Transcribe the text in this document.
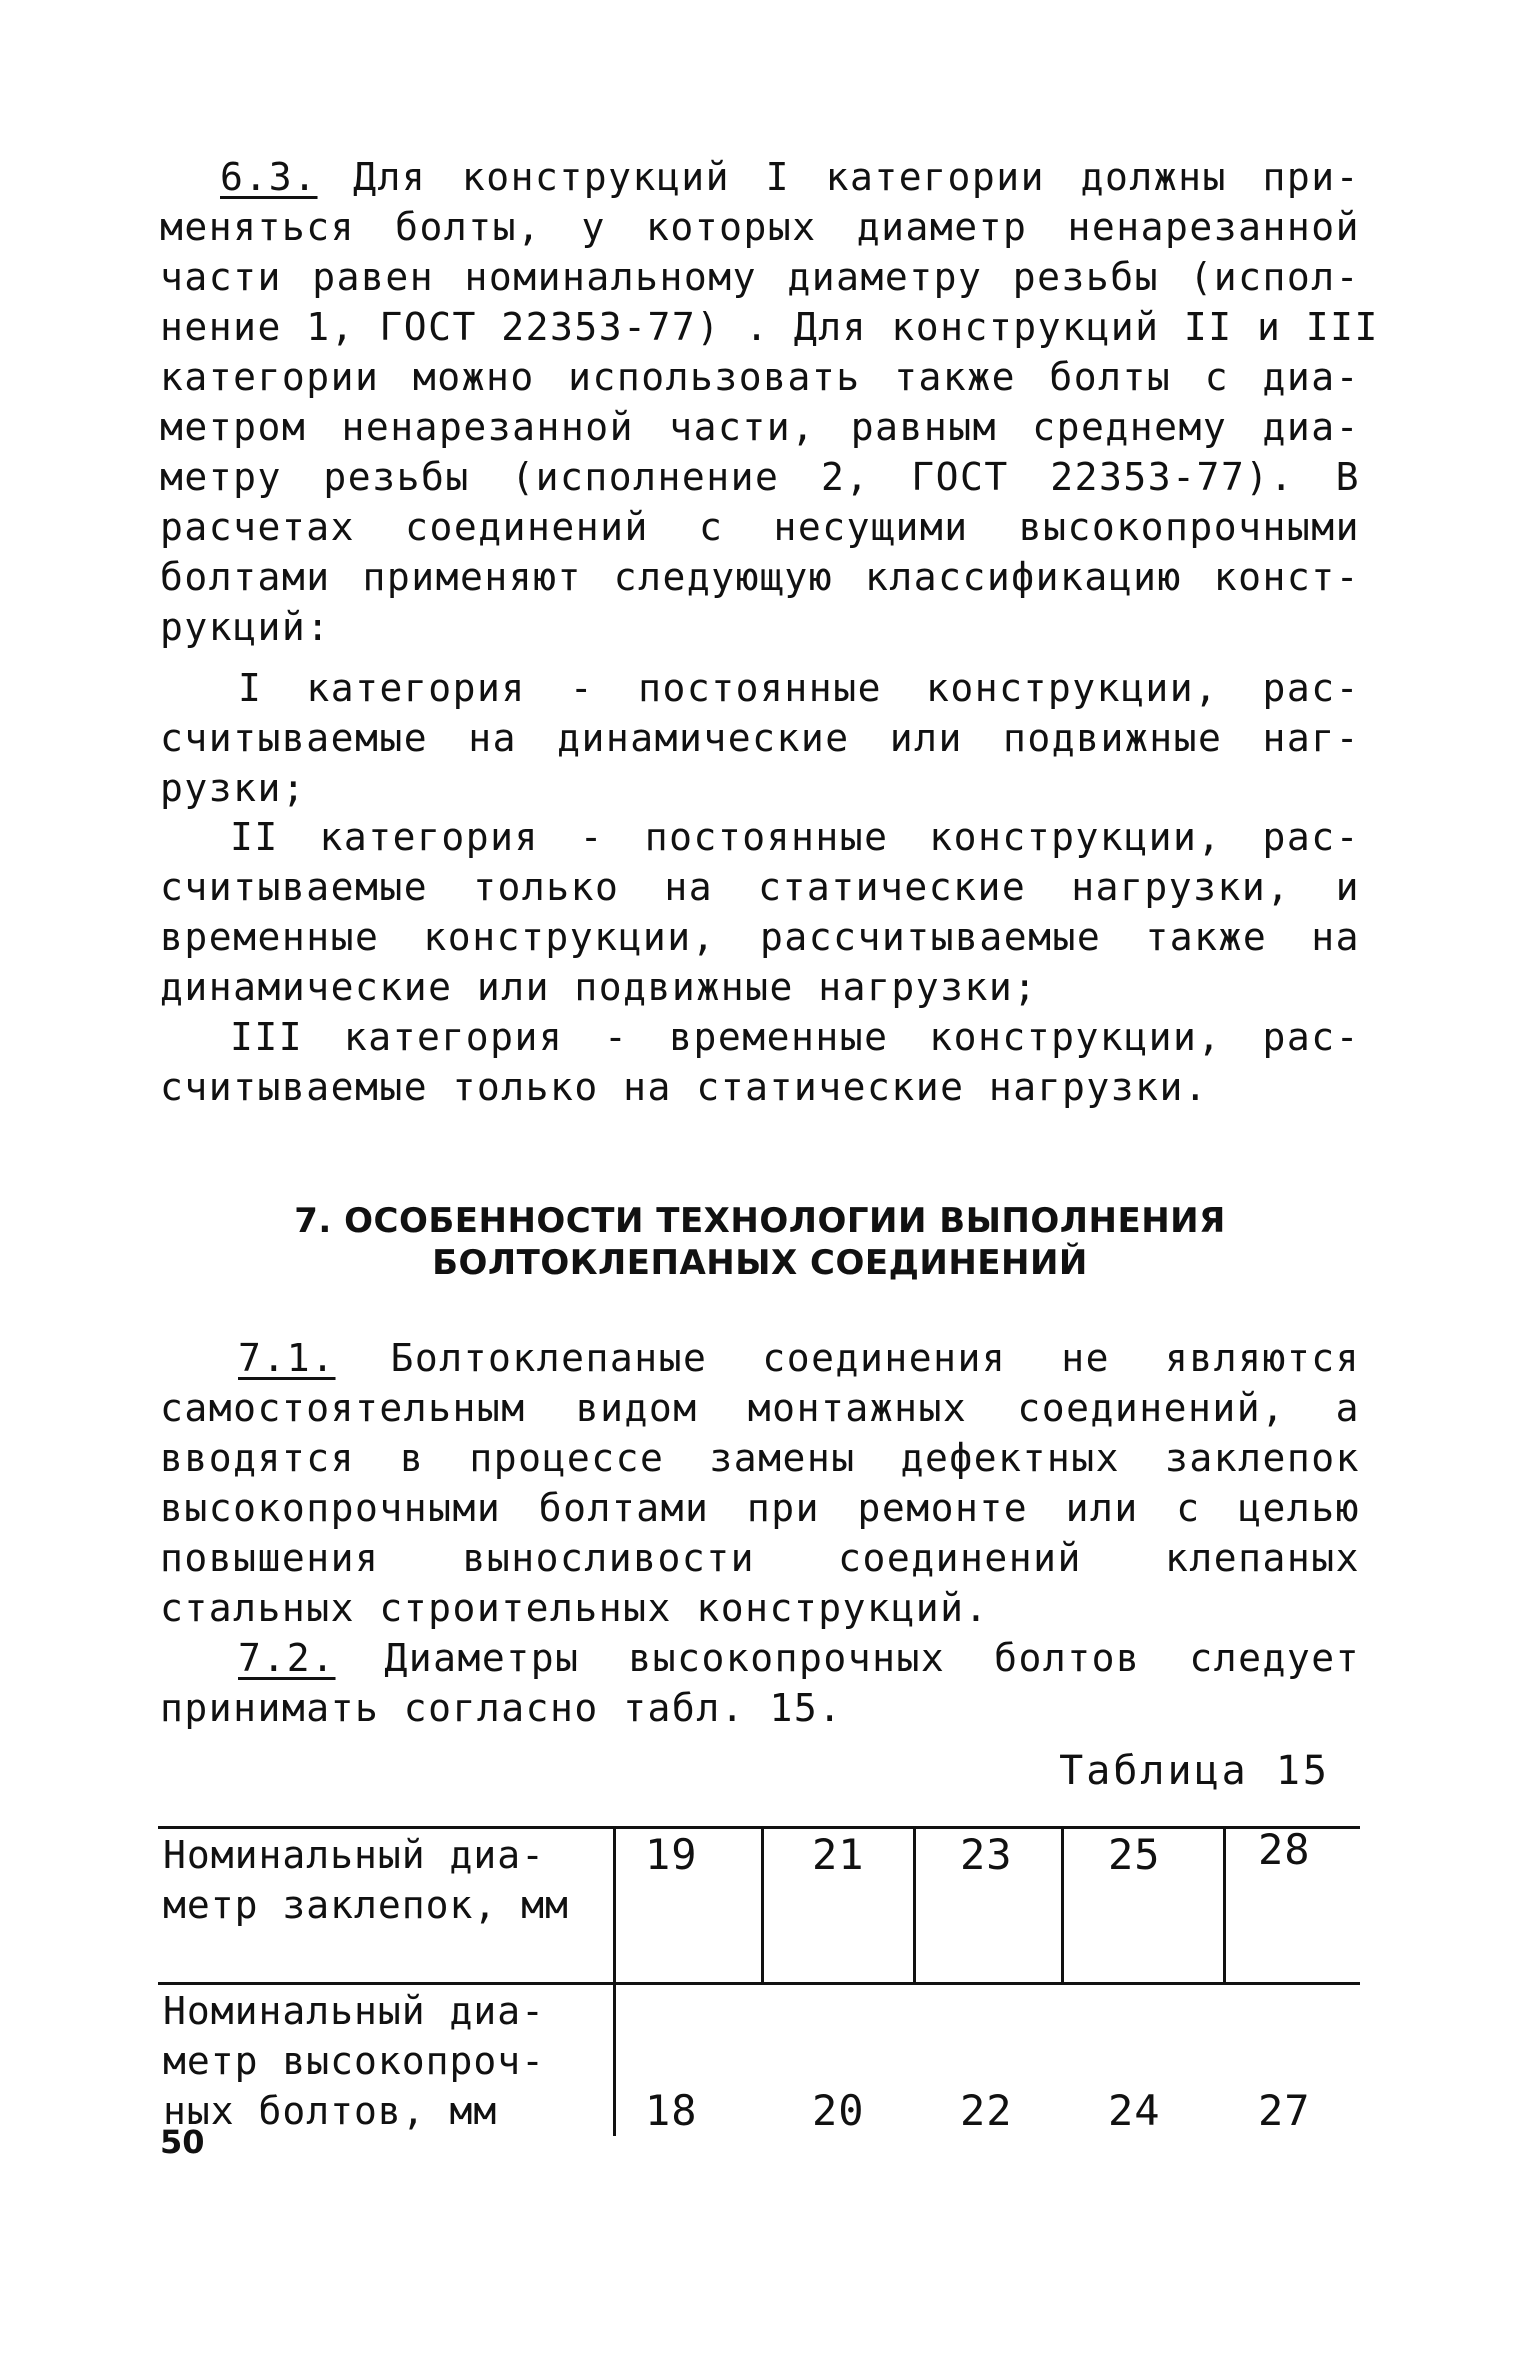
6.3. Для конструкций I категории должны при-
меняться болты, у которых диаметр ненарезанной
части равен номинальному диаметру резьбы (испол-
нение 1, ГОСТ 22353-77) . Для конструкций II и III
категории можно использовать также болты с диа-
метром ненарезанной части, равным среднему диа-
метру резьбы (исполнение 2, ГОСТ 22353-77). В
расчетах соединений с несущими высокопрочными
болтами применяют следующую классификацию конст-
рукций:
I категория - постоянные конструкции, рас-
считываемые на динамические или подвижные наг-
рузки;
II категория - постоянные конструкции, рас-
считываемые только на статические нагрузки, и
временные конструкции, рассчитываемые также на
динамические или подвижные нагрузки;
III категория - временные конструкции, рас-
считываемые только на статические нагрузки.
7. ОСОБЕННОСТИ ТЕХНОЛОГИИ ВЫПОЛНЕНИЯ
БОЛТОКЛЕПАНЫХ СОЕДИНЕНИЙ
7.1. Болтоклепаные соединения не являются
самостоятельным видом монтажных соединений, а
вводятся в процессе замены дефектных заклепок
высокопрочными болтами при ремонте или с целью
повышения выносливости соединений клепаных
стальных строительных конструкций.
7.2. Диаметры высокопрочных болтов следует
принимать согласно табл. 15.
Таблица 15
Номинальный диа-
метр заклепок, мм
19	21 23 25 28
Номинальный диа-
метр высокопроч-
ных болтов, мм	18	20 22 24 27
50
